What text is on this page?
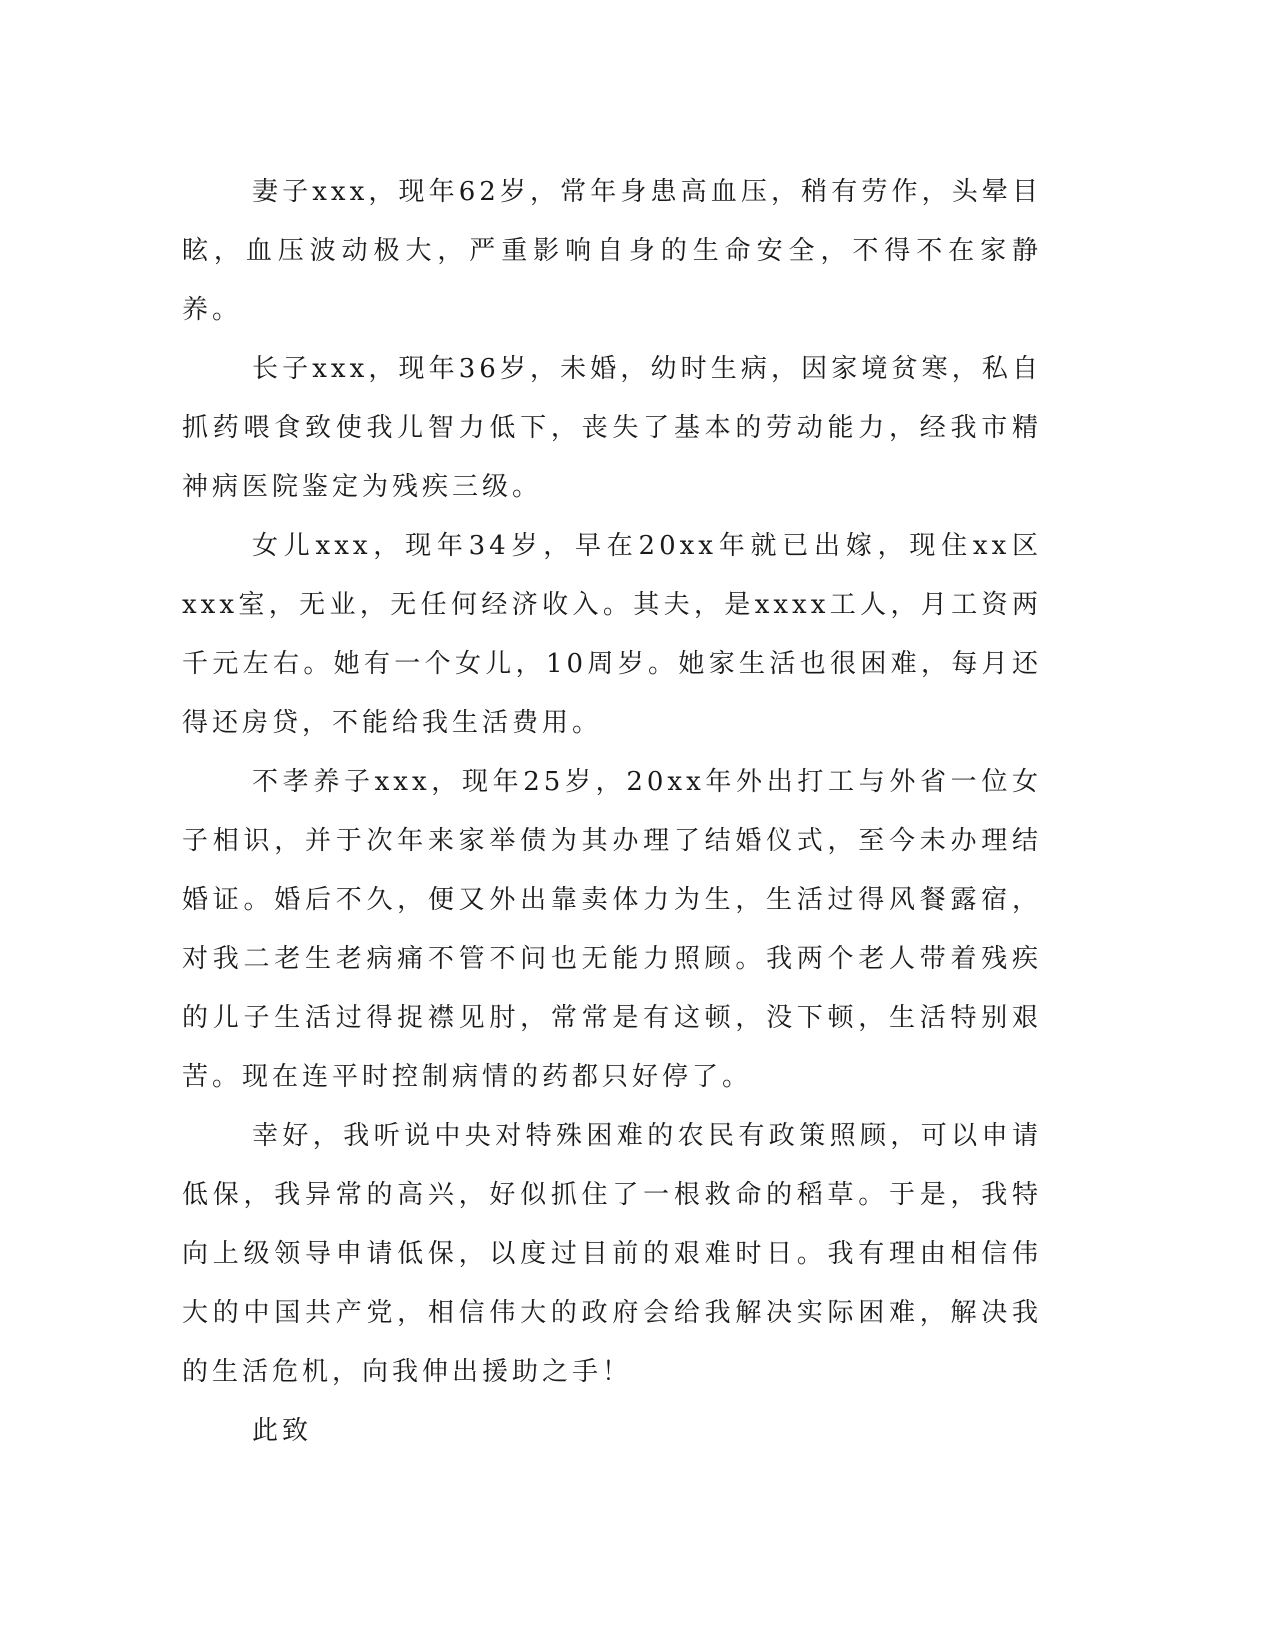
妻子xxx，现年62岁，常年身患高血压，稍有劳作，头晕目眩，血压波动极大，严重影响自身的生命安全，不得不在家静养。

长子xxx，现年36岁，未婚，幼时生病，因家境贫寒，私自抓药喂食致使我儿智力低下，丧失了基本的劳动能力，经我市精神病医院鉴定为残疾三级。

女儿xxx，现年34岁，早在20xx年就已出嫁，现住xx区xxx室，无业，无任何经济收入。其夫，是xxxx工人，月工资两千元左右。她有一个女儿，10周岁。她家生活也很困难，每月还得还房贷，不能给我生活费用。

不孝养子xxx，现年25岁，20xx年外出打工与外省一位女子相识，并于次年来家举债为其办理了结婚仪式，至今未办理结婚证。婚后不久，便又外出靠卖体力为生，生活过得风餐露宿，对我二老生老病痛不管不问也无能力照顾。我两个老人带着残疾的儿子生活过得捉襟见肘，常常是有这顿，没下顿，生活特别艰苦。现在连平时控制病情的药都只好停了。

幸好，我听说中央对特殊困难的农民有政策照顾，可以申请低保，我异常的高兴，好似抓住了一根救命的稻草。于是，我特向上级领导申请低保，以度过目前的艰难时日。我有理由相信伟大的中国共产党，相信伟大的政府会给我解决实际困难，解决我的生活危机，向我伸出援助之手！

此致
